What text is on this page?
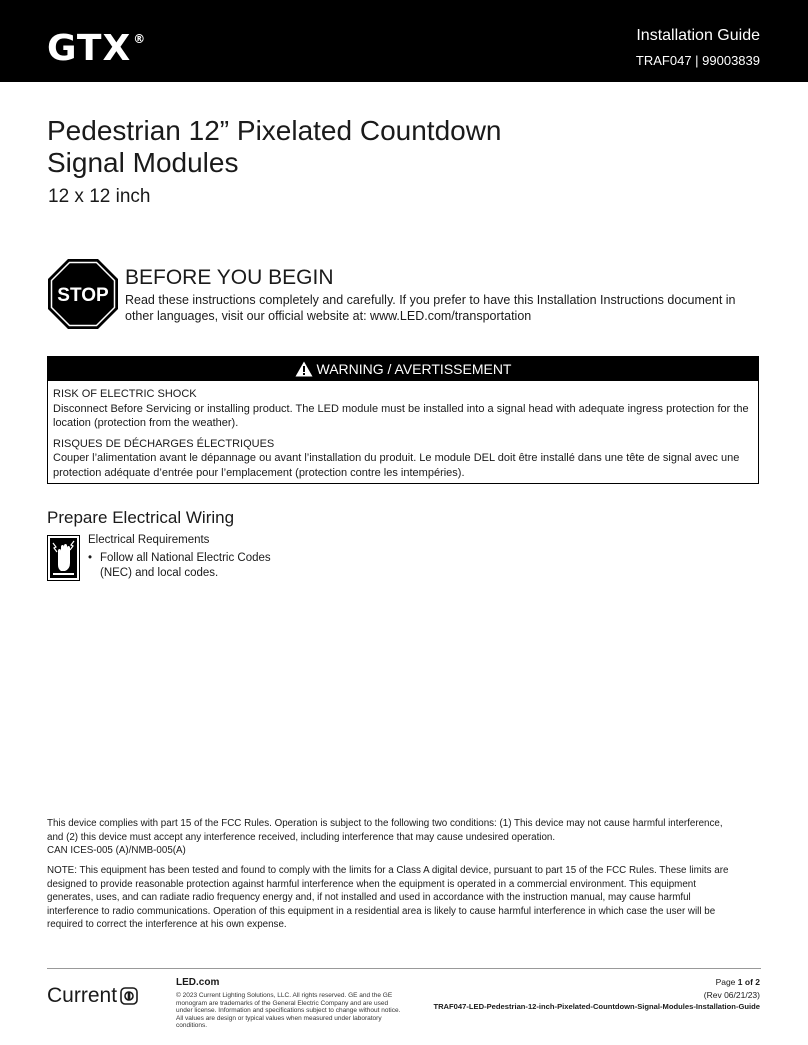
GTX ®	Installation Guide
TRAF047 | 99003839
Pedestrian 12” Pixelated Countdown
Signal Modules
12 x 12 inch
STOP
BEFORE YOU BEGIN
Read these instructions completely and carefully. If you prefer to have this Installation Instructions document in other languages, visit our official website at: www.LED.com/transportation
WARNING / AVERTISSEMENT
RISK OF ELECTRIC SHOCK
Disconnect Before Servicing or installing product. The LED module must be installed into a signal head with adequate ingress protection for the location (protection from the weather).
RISQUES DE DÉCHARGES ÉLECTRIQUES
Couper l’alimentation avant le dépannage ou avant l’installation du produit. Le module DEL doit être installé dans une tête de signal avec une protection adéquate d’entrée pour l’emplacement (protection contre les intempéries).
Prepare Electrical Wiring
Electrical Requirements
• Follow all National Electric Codes
(NEC) and local codes.
This device complies with part 15 of the FCC Rules. Operation is subject to the following two conditions: (1) This device may not cause harmful interference, and (2) this device must accept any interference received, including interference that may cause undesired operation.
CAN ICES-005 (A)/NMB-005(A)
NOTE: This equipment has been tested and found to comply with the limits for a Class A digital device, pursuant to part 15 of the FCC Rules. These limits are designed to provide reasonable protection against harmful interference when the equipment is operated in a commercial environment. This equipment generates, uses, and can radiate radio frequency energy and, if not installed and used in accordance with the instruction manual, may cause harmful interference to radio communications. Operation of this equipment in a residential area is likely to cause harmful interference in which case the user will be required to correct the interference at his own expense.
Current
LED.com
© 2023 Current Lighting Solutions, LLC. All rights reserved. GE and the GE monogram are trademarks of the General Electric Company and are used under license. Information and specifications subject to change without notice. All values are design or typical values when measured under laboratory conditions.
Page 1 of 2
(Rev 06/21/23)
TRAF047-LED-Pedestrian-12-inch-Pixelated-Countdown-Signal-Modules-Installation-Guide
